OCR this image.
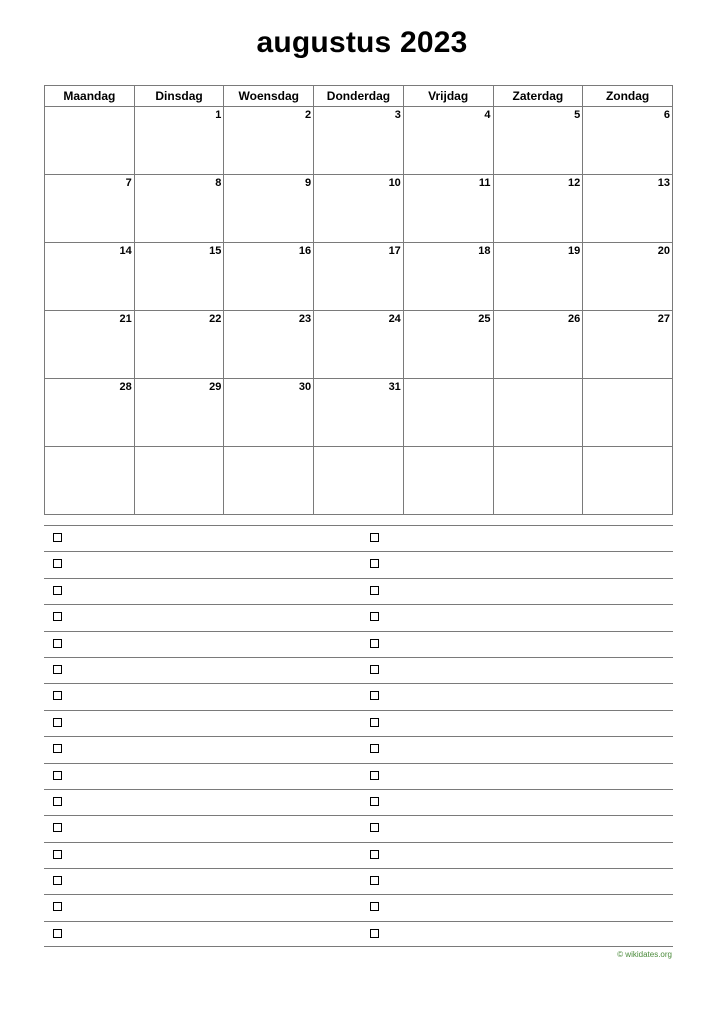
augustus 2023
Maandag	Dinsdag	Woensdag	Donderdag	Vrijdag	Zaterdag	Zondag

	1	2	3	4	5	6

7	8	9	10	11	12	13

14	15	16	17	18	19	20

21	22	23	24	25	26	27

28	29	30	31			

© wikidates.org
